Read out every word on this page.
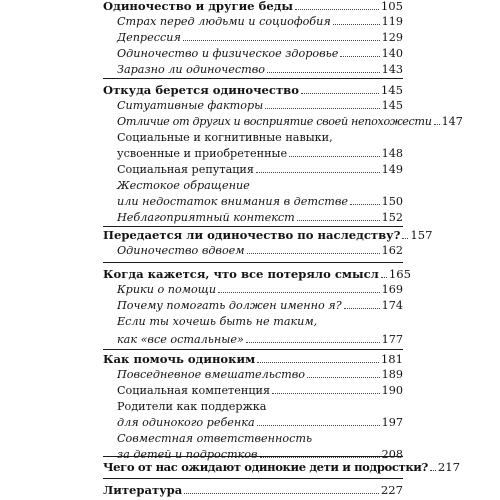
Одиночество и другие беды	105
Страх перед людьми и социофобия	119
Депрессия	129
Одиночество и физическое здоровье	140
Заразно ли одиночество	143
Откуда берется одиночество	145
Ситуативные факторы	145
Отличие от других и восприятие своей непохожести 147
Социальные и когнитивные навыки,
усвоенные и приобретенные	148
Социальная репутация	149
Жестокое обращение
или недостаток внимания в детстве	150
Неблагоприятный контекст	152
Передается ли одиночество по наследству? 157
Одиночество вдвоем	162
Когда кажется, что все потеряло смысл 165
Крики о помощи	169
Почему помогать должен именно я?	174
Если ты хочешь быть не таким,
как «все остальные»	177
Как помочь одиноким	181
Повседневное вмешательство	189
Социальная компетенция	190
Родители как поддержка
для одинокого ребенка	197
Совместная ответственность
за детей и подростков	208
Чего от нас ожидают одинокие дети и подростки? 217
Литература	227
